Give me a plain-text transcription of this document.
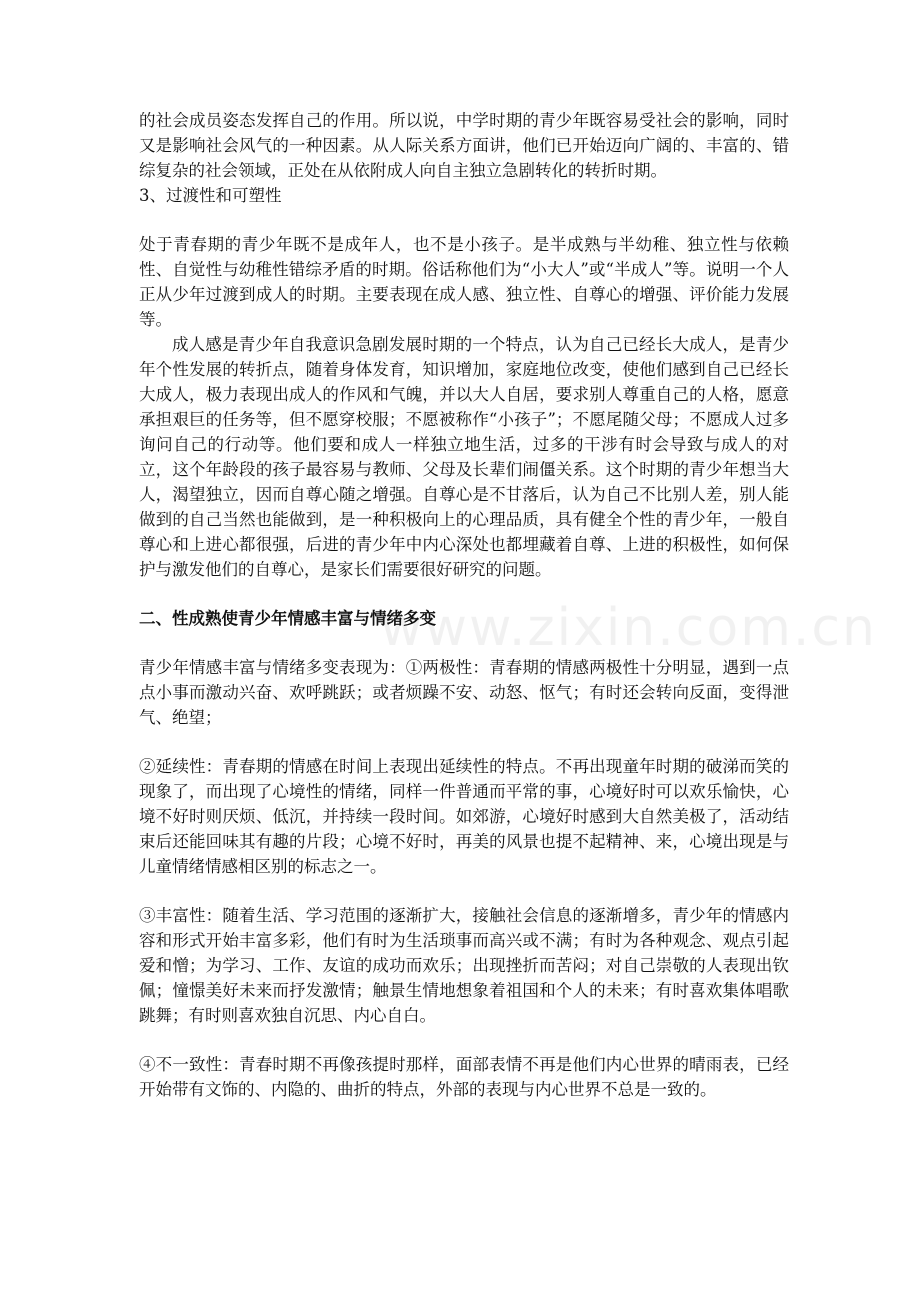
www.zixin.com.cn

的社会成员姿态发挥自己的作用。所以说，中学时期的青少年既容易受社会的影响，同时又是影响社会风气的一种因素。从人际关系方面讲，他们已开始迈向广阔的、丰富的、错综复杂的社会领域，正处在从依附成人向自主独立急剧转化的转折时期。

3、过渡性和可塑性

处于青春期的青少年既不是成年人，也不是小孩子。是半成熟与半幼稚、独立性与依赖性、自觉性与幼稚性错综矛盾的时期。俗话称他们为“小大人”或“半成人”等。说明一个人正从少年过渡到成人的时期。主要表现在成人感、独立性、自尊心的增强、评价能力发展等。

成人感是青少年自我意识急剧发展时期的一个特点，认为自己已经长大成人，是青少年个性发展的转折点，随着身体发育，知识增加，家庭地位改变，使他们感到自己已经长大成人，极力表现出成人的作风和气魄，并以大人自居，要求别人尊重自己的人格，愿意承担艰巨的任务等，但不愿穿校服；不愿被称作“小孩子”；不愿尾随父母；不愿成人过多询问自己的行动等。他们要和成人一样独立地生活，过多的干涉有时会导致与成人的对立，这个年龄段的孩子最容易与教师、父母及长辈们闹僵关系。这个时期的青少年想当大人，渴望独立，因而自尊心随之增强。自尊心是不甘落后，认为自己不比别人差，别人能做到的自己当然也能做到，是一种积极向上的心理品质，具有健全个性的青少年，一般自尊心和上进心都很强，后进的青少年中内心深处也都埋藏着自尊、上进的积极性，如何保护与激发他们的自尊心，是家长们需要很好研究的问题。

二、性成熟使青少年情感丰富与情绪多变

青少年情感丰富与情绪多变表现为：①两极性：青春期的情感两极性十分明显，遇到一点点小事而激动兴奋、欢呼跳跃；或者烦躁不安、动怒、怄气；有时还会转向反面，变得泄气、绝望；

②延续性：青春期的情感在时间上表现出延续性的特点。不再出现童年时期的破涕而笑的现象了，而出现了心境性的情绪，同样一件普通而平常的事，心境好时可以欢乐愉快，心境不好时则厌烦、低沉，并持续一段时间。如郊游，心境好时感到大自然美极了，活动结束后还能回味其有趣的片段；心境不好时，再美的风景也提不起精神、来，心境出现是与儿童情绪情感相区别的标志之一。

③丰富性：随着生活、学习范围的逐渐扩大，接触社会信息的逐渐增多，青少年的情感内容和形式开始丰富多彩，他们有时为生活琐事而高兴或不满；有时为各种观念、观点引起爱和憎；为学习、工作、友谊的成功而欢乐；出现挫折而苦闷；对自己崇敬的人表现出钦佩；憧憬美好未来而抒发激情；触景生情地想象着祖国和个人的未来；有时喜欢集体唱歌跳舞；有时则喜欢独自沉思、内心自白。

④不一致性：青春时期不再像孩提时那样，面部表情不再是他们内心世界的晴雨表，已经开始带有文饰的、内隐的、曲折的特点，外部的表现与内心世界不总是一致的。
